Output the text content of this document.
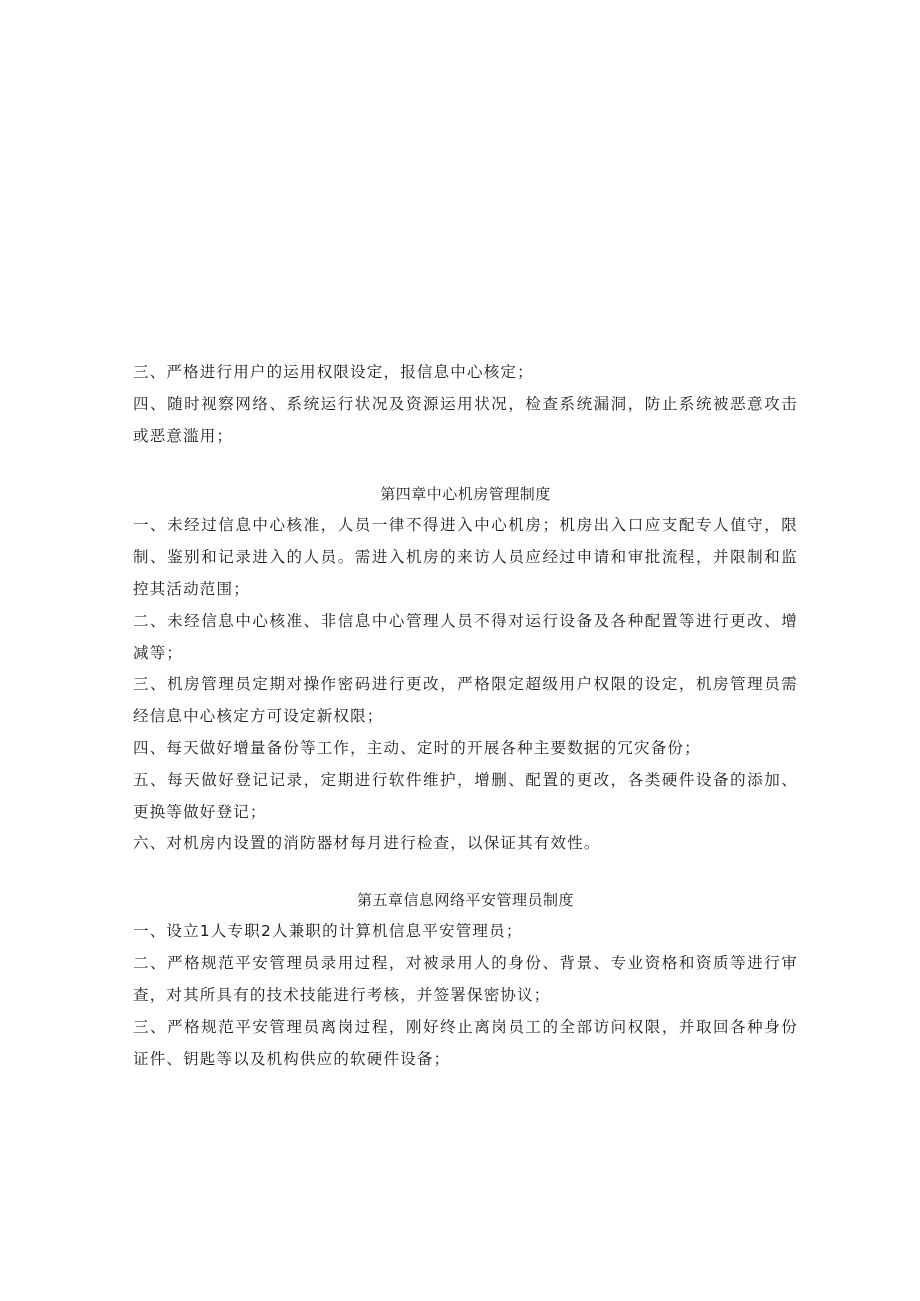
三、严格进行用户的运用权限设定，报信息中心核定；
四、随时视察网络、系统运行状况及资源运用状况，检查系统漏洞，防止系统被恶意攻击
或恶意滥用；
第四章中心机房管理制度
一、未经过信息中心核准，人员一律不得进入中心机房；机房出入口应支配专人值守，限
制、鉴别和记录进入的人员。需进入机房的来访人员应经过申请和审批流程，并限制和监
控其活动范围；
二、未经信息中心核准、非信息中心管理人员不得对运行设备及各种配置等进行更改、增
减等；
三、机房管理员定期对操作密码进行更改，严格限定超级用户权限的设定，机房管理员需
经信息中心核定方可设定新权限；
四、每天做好增量备份等工作，主动、定时的开展各种主要数据的冗灾备份；
五、每天做好登记记录，定期进行软件维护，增删、配置的更改，各类硬件设备的添加、
更换等做好登记；
六、对机房内设置的消防器材每月进行检查，以保证其有效性。
第五章信息网络平安管理员制度
一、设立1人专职2人兼职的计算机信息平安管理员；
二、严格规范平安管理员录用过程，对被录用人的身份、背景、专业资格和资质等进行审
查，对其所具有的技术技能进行考核，并签署保密协议；
三、严格规范平安管理员离岗过程，刚好终止离岗员工的全部访问权限，并取回各种身份
证件、钥匙等以及机构供应的软硬件设备；
